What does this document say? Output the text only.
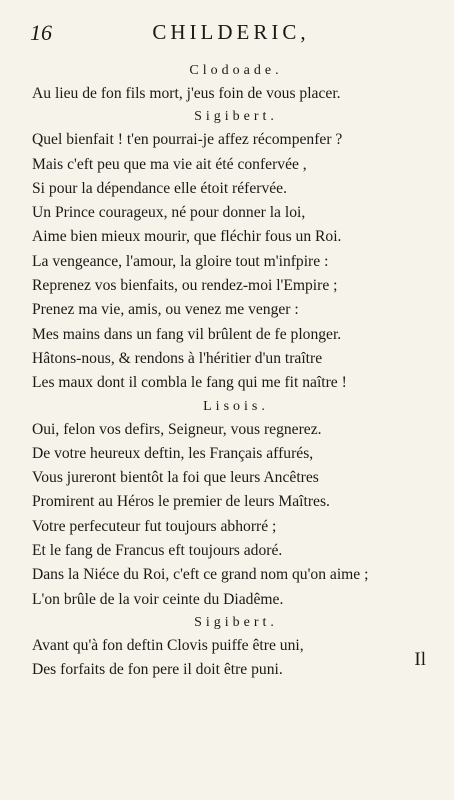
16	CHILDERIC,
Clodoade.
Au lieu de fon fils mort, j'eus foin de vous placer.
Sigibert.
Quel bienfait ! t'en pourrai-je affez récompenfer ?
Mais c'eft peu que ma vie ait été confervée ,
Si pour la dépendance elle étoit réfervée.
Un Prince courageux, né pour donner la loi,
Aime bien mieux mourir, que fléchir fous un Roi.
La vengeance, l'amour, la gloire tout m'infpire :
Reprenez vos bienfaits, ou rendez-moi l'Empire ;
Prenez ma vie, amis, ou venez me venger :
Mes mains dans un fang vil brûlent de fe plonger.
Hâtons-nous, & rendons à l'héritier d'un traître
Les maux dont il combla le fang qui me fit naître !
Lisois.
Oui, felon vos defirs, Seigneur, vous regnerez.
De votre heureux deftin, les Français affurés,
Vous jureront bientôt la foi que leurs Ancêtres
Promirent au Héros le premier de leurs Maîtres.
Votre perfecuteur fut toujours abhorré ;
Et le fang de Francus eft toujours adoré.
Dans la Niéce du Roi, c'eft ce grand nom qu'on aime ;
L'on brûle de la voir ceinte du Diadême.
Sigibert.
Avant qu'à fon deftin Clovis puiffe être uni,
Des forfaits de fon pere il doit être puni.	Il
